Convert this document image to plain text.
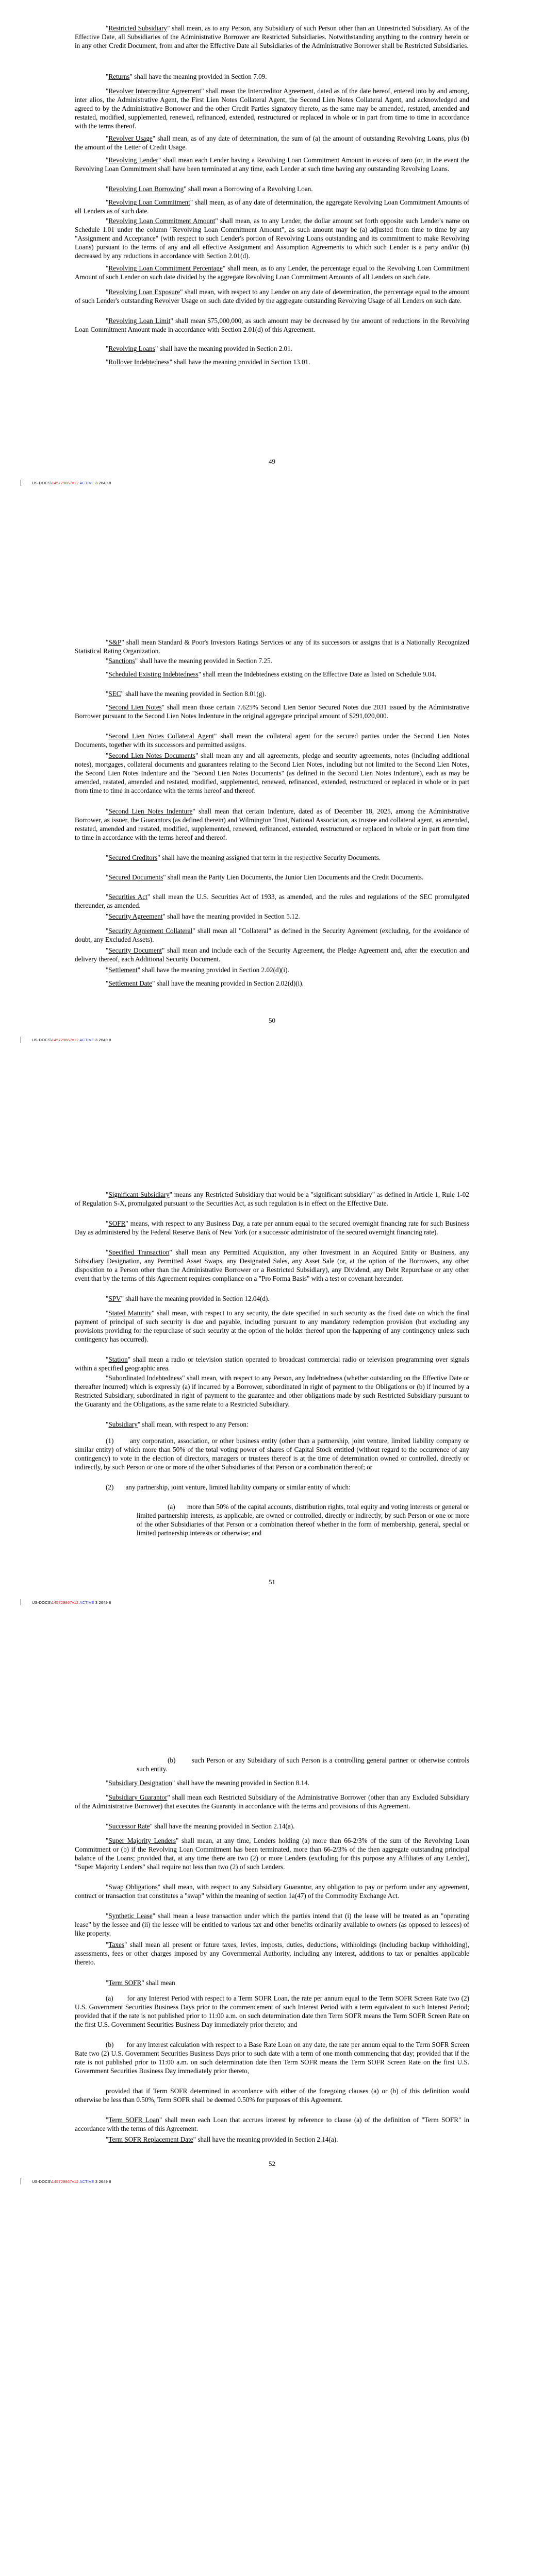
"Restricted Subsidiary" shall mean, as to any Person, any Subsidiary of such Person other than an Unrestricted Subsidiary. As of the Effective Date, all Subsidiaries of the Administrative Borrower are Restricted Subsidiaries. Notwithstanding anything to the contrary herein or in any other Credit Document, from and after the Effective Date all Subsidiaries of the Administrative Borrower shall be Restricted Subsidiaries.

"Returns" shall have the meaning provided in Section 7.09.

"Revolver Intercreditor Agreement" shall mean the Intercreditor Agreement, dated as of the date hereof, entered into by and among, inter alios, the Administrative Agent, the First Lien Notes Collateral Agent, the Second Lien Notes Collateral Agent, and acknowledged and agreed to by the Administrative Borrower and the other Credit Parties signatory thereto, as the same may be amended, restated, amended and restated, modified, supplemented, renewed, refinanced, extended, restructured or replaced in whole or in part from time to time in accordance with the terms thereof.

"Revolver Usage" shall mean, as of any date of determination, the sum of (a) the amount of outstanding Revolving Loans, plus (b) the amount of the Letter of Credit Usage.

"Revolving Lender" shall mean each Lender having a Revolving Loan Commitment Amount in excess of zero (or, in the event the Revolving Loan Commitment shall have been terminated at any time, each Lender at such time having any outstanding Revolving Loans.

"Revolving Loan Borrowing" shall mean a Borrowing of a Revolving Loan.

"Revolving Loan Commitment" shall mean, as of any date of determination, the aggregate Revolving Loan Commitment Amounts of all Lenders as of such date.

"Revolving Loan Commitment Amount" shall mean, as to any Lender, the dollar amount set forth opposite such Lender's name on Schedule 1.01 under the column "Revolving Loan Commitment Amount", as such amount may be (a) adjusted from time to time by any "Assignment and Acceptance" (with respect to such Lender's portion of Revolving Loans outstanding and its commitment to make Revolving Loans) pursuant to the terms of any and all effective Assignment and Assumption Agreements to which such Lender is a party and/or (b) decreased by any reductions in accordance with Section 2.01(d).

"Revolving Loan Commitment Percentage" shall mean, as to any Lender, the percentage equal to the Revolving Loan Commitment Amount of such Lender on such date divided by the aggregate Revolving Loan Commitment Amounts of all Lenders on such date.

"Revolving Loan Exposure" shall mean, with respect to any Lender on any date of determination, the percentage equal to the amount of such Lender's outstanding Revolver Usage on such date divided by the aggregate outstanding Revolving Usage of all Lenders on such date.

"Revolving Loan Limit" shall mean $75,000,000, as such amount may be decreased by the amount of reductions in the Revolving Loan Commitment Amount made in accordance with Section 2.01(d) of this Agreement.

"Revolving Loans" shall have the meaning provided in Section 2.01.

"Rollover Indebtedness" shall have the meaning provided in Section 13.01.

49
US-DOCS\145729867v12 ACTIVE 3 2649 8

"S&P" shall mean Standard & Poor's Investors Ratings Services or any of its successors or assigns that is a Nationally Recognized Statistical Rating Organization.

"Sanctions" shall have the meaning provided in Section 7.25.

"Scheduled Existing Indebtedness" shall mean the Indebtedness existing on the Effective Date as listed on Schedule 9.04.

"SEC" shall have the meaning provided in Section 8.01(g).

"Second Lien Notes" shall mean those certain 7.625% Second Lien Senior Secured Notes due 2031 issued by the Administrative Borrower pursuant to the Second Lien Notes Indenture in the original aggregate principal amount of $291,020,000.

"Second Lien Notes Collateral Agent" shall mean the collateral agent for the secured parties under the Second Lien Notes Documents, together with its successors and permitted assigns.

"Second Lien Notes Documents" shall mean any and all agreements, pledge and security agreements, notes (including additional notes), mortgages, collateral documents and guarantees relating to the Second Lien Notes, including but not limited to the Second Lien Notes, the Second Lien Notes Indenture and the "Second Lien Notes Documents" (as defined in the Second Lien Notes Indenture), each as may be amended, restated, amended and restated, modified, supplemented, renewed, refinanced, extended, restructured or replaced in whole or in part from time to time in accordance with the terms hereof and thereof.

"Second Lien Notes Indenture" shall mean that certain Indenture, dated as of December 18, 2025, among the Administrative Borrower, as issuer, the Guarantors (as defined therein) and Wilmington Trust, National Association, as trustee and collateral agent, as amended, restated, amended and restated, modified, supplemented, renewed, refinanced, extended, restructured or replaced in whole or in part from time to time in accordance with the terms hereof and thereof.

"Secured Creditors" shall have the meaning assigned that term in the respective Security Documents.

"Secured Documents" shall mean the Parity Lien Documents, the Junior Lien Documents and the Credit Documents.

"Securities Act" shall mean the U.S. Securities Act of 1933, as amended, and the rules and regulations of the SEC promulgated thereunder, as amended.

"Security Agreement" shall have the meaning provided in Section 5.12.

"Security Agreement Collateral" shall mean all "Collateral" as defined in the Security Agreement (excluding, for the avoidance of doubt, any Excluded Assets).

"Security Document" shall mean and include each of the Security Agreement, the Pledge Agreement and, after the execution and delivery thereof, each Additional Security Document.

"Settlement" shall have the meaning provided in Section 2.02(d)(i).

"Settlement Date" shall have the meaning provided in Section 2.02(d)(i).

50
US-DOCS\145729867v12 ACTIVE 3 2649 8

"Significant Subsidiary" means any Restricted Subsidiary that would be a "significant subsidiary" as defined in Article 1, Rule 1-02 of Regulation S-X, promulgated pursuant to the Securities Act, as such regulation is in effect on the Effective Date.

"SOFR" means, with respect to any Business Day, a rate per annum equal to the secured overnight financing rate for such Business Day as administered by the Federal Reserve Bank of New York (or a successor administrator of the secured overnight financing rate).

"Specified Transaction" shall mean any Permitted Acquisition, any other Investment in an Acquired Entity or Business, any Subsidiary Designation, any Permitted Asset Swaps, any Designated Sales, any Asset Sale (or, at the option of the Borrowers, any other disposition to a Person other than the Administrative Borrower or a Restricted Subsidiary), any Dividend, any Debt Repurchase or any other event that by the terms of this Agreement requires compliance on a "Pro Forma Basis" with a test or covenant hereunder.

"SPV" shall have the meaning provided in Section 12.04(d).

"Stated Maturity" shall mean, with respect to any security, the date specified in such security as the fixed date on which the final payment of principal of such security is due and payable, including pursuant to any mandatory redemption provision (but excluding any provisions providing for the repurchase of such security at the option of the holder thereof upon the happening of any contingency unless such contingency has occurred).

"Station" shall mean a radio or television station operated to broadcast commercial radio or television programming over signals within a specified geographic area.

"Subordinated Indebtedness" shall mean, with respect to any Person, any Indebtedness (whether outstanding on the Effective Date or thereafter incurred) which is expressly (a) if incurred by a Borrower, subordinated in right of payment to the Obligations or (b) if incurred by a Restricted Subsidiary, subordinated in right of payment to the guarantee and other obligations made by such Restricted Subsidiary pursuant to the Guaranty and the Obligations, as the same relate to a Restricted Subsidiary.

"Subsidiary" shall mean, with respect to any Person:

(1)       any corporation, association, or other business entity (other than a partnership, joint venture, limited liability company or similar entity) of which more than 50% of the total voting power of shares of Capital Stock entitled (without regard to the occurrence of any contingency) to vote in the election of directors, managers or trustees thereof is at the time of determination owned or controlled, directly or indirectly, by such Person or one or more of the other Subsidiaries of that Person or a combination thereof; or

(2)       any partnership, joint venture, limited liability company or similar entity of which:

(a)       more than 50% of the capital accounts, distribution rights, total equity and voting interests or general or limited partnership interests, as applicable, are owned or controlled, directly or indirectly, by such Person or one or more of the other Subsidiaries of that Person or a combination thereof whether in the form of membership, general, special or limited partnership interests or otherwise; and

51
US-DOCS\145729867v12 ACTIVE 3 2649 8

(b)       such Person or any Subsidiary of such Person is a controlling general partner or otherwise controls such entity.

"Subsidiary Designation" shall have the meaning provided in Section 8.14.

"Subsidiary Guarantor" shall mean each Restricted Subsidiary of the Administrative Borrower (other than any Excluded Subsidiary of the Administrative Borrower) that executes the Guaranty in accordance with the terms and provisions of this Agreement.

"Successor Rate" shall have the meaning provided in Section 2.14(a).

"Super Majority Lenders" shall mean, at any time, Lenders holding (a) more than 66-2/3% of the sum of the Revolving Loan Commitment or (b) if the Revolving Loan Commitment has been terminated, more than 66-2/3% of the then aggregate outstanding principal balance of the Loans; provided that, at any time there are two (2) or more Lenders (excluding for this purpose any Affiliates of any Lender), "Super Majority Lenders" shall require not less than two (2) of such Lenders.

"Swap Obligations" shall mean, with respect to any Subsidiary Guarantor, any obligation to pay or perform under any agreement, contract or transaction that constitutes a "swap" within the meaning of section 1a(47) of the Commodity Exchange Act.

"Synthetic Lease" shall mean a lease transaction under which the parties intend that (i) the lease will be treated as an "operating lease" by the lessee and (ii) the lessee will be entitled to various tax and other benefits ordinarily available to owners (as opposed to lessees) of like property.

"Taxes" shall mean all present or future taxes, levies, imposts, duties, deductions, withholdings (including backup withholding), assessments, fees or other charges imposed by any Governmental Authority, including any interest, additions to tax or penalties applicable thereto.

"Term SOFR" shall mean

(a)       for any Interest Period with respect to a Term SOFR Loan, the rate per annum equal to the Term SOFR Screen Rate two (2) U.S. Government Securities Business Days prior to the commencement of such Interest Period with a term equivalent to such Interest Period; provided that if the rate is not published prior to 11:00 a.m. on such determination date then Term SOFR means the Term SOFR Screen Rate on the first U.S. Government Securities Business Day immediately prior thereto; and

(b)       for any interest calculation with respect to a Base Rate Loan on any date, the rate per annum equal to the Term SOFR Screen Rate two (2) U.S. Government Securities Business Days prior to such date with a term of one month commencing that day; provided that if the rate is not published prior to 11:00 a.m. on such determination date then Term SOFR means the Term SOFR Screen Rate on the first U.S. Government Securities Business Day immediately prior thereto,

provided that if Term SOFR determined in accordance with either of the foregoing clauses (a) or (b) of this definition would otherwise be less than 0.50%, Term SOFR shall be deemed 0.50% for purposes of this Agreement.

"Term SOFR Loan" shall mean each Loan that accrues interest by reference to clause (a) of the definition of "Term SOFR" in accordance with the terms of this Agreement.

"Term SOFR Replacement Date" shall have the meaning provided in Section 2.14(a).

52
US-DOCS\145729867v12 ACTIVE 3 2649 8
